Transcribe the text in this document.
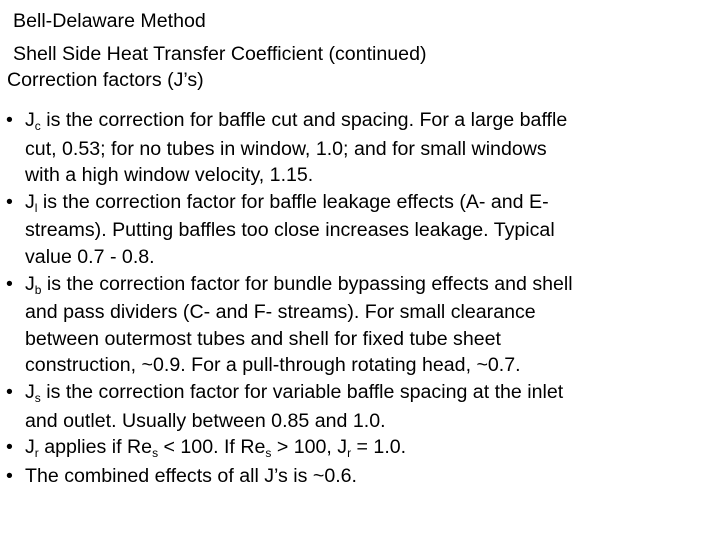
Bell-Delaware Method
Shell Side Heat Transfer Coefficient (continued)
Correction factors (J’s)
• $J_c$ is the correction for baffle cut and spacing. For a large baffle
cut, 0.53; for no tubes in window, 1.0; and for small windows
with a high window velocity, 1.15.
• $J_l$ is the correction factor for baffle leakage effects (A- and E-
streams). Putting baffles too close increases leakage. Typical
value 0.7 - 0.8.
• $J_b$ is the correction factor for bundle bypassing effects and shell
and pass dividers (C- and F- streams). For small clearance
between outermost tubes and shell for fixed tube sheet
construction, ~0.9. For a pull-through rotating head, ~0.7.
• $J_s$ is the correction factor for variable baffle spacing at the inlet
and outlet. Usually between 0.85 and 1.0.
• $J_r$ applies if $Re_s < 100$. If $Re_s > 100$, $J_r = 1.0$.
• The combined effects of all J’s is ~0.6.
